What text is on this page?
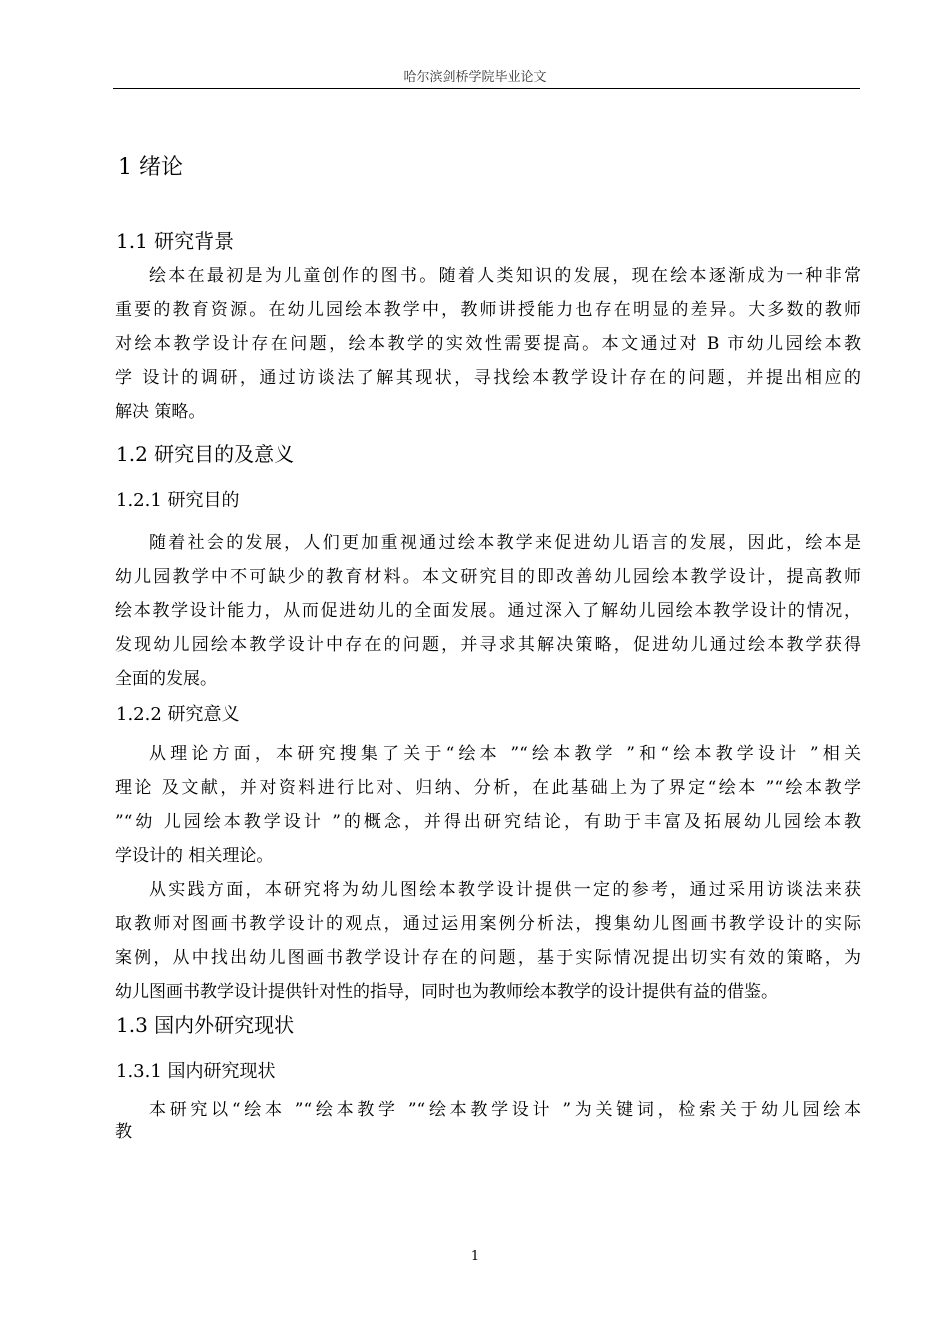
哈尔滨剑桥学院毕业论文
1 绪论
1.1 研究背景
绘本在最初是为儿童创作的图书。随着人类知识的发展，现在绘本逐渐成为一种非常
重要的教育资源。在幼儿园绘本教学中，教师讲授能力也存在明显的差异。大多数的教师
对绘本教学设计存在问题，绘本教学的实效性需要提高。本文通过对 B 市幼儿园绘本教
学 设计的调研，通过访谈法了解其现状，寻找绘本教学设计存在的问题，并提出相应的
解决 策略。
1.2 研究目的及意义
1.2.1 研究目的
随着社会的发展，人们更加重视通过绘本教学来促进幼儿语言的发展，因此，绘本是
幼儿园教学中不可缺少的教育材料。本文研究目的即改善幼儿园绘本教学设计，提高教师
绘本教学设计能力，从而促进幼儿的全面发展。通过深入了解幼儿园绘本教学设计的情况，
发现幼儿园绘本教学设计中存在的问题，并寻求其解决策略，促进幼儿通过绘本教学获得
全面的发展。
1.2.2 研究意义
从理论方面，本研究搜集了关于“绘本 ”“绘本教学 ”和“绘本教学设计 ”相关
理论 及文献，并对资料进行比对、归纳、分析，在此基础上为了界定“绘本 ”“绘本教学
”“幼 儿园绘本教学设计 ”的概念，并得出研究结论，有助于丰富及拓展幼儿园绘本教
学设计的 相关理论。
从实践方面，本研究将为幼儿图绘本教学设计提供一定的参考，通过采用访谈法来获
取教师对图画书教学设计的观点，通过运用案例分析法，搜集幼儿图画书教学设计的实际
案例，从中找出幼儿图画书教学设计存在的问题，基于实际情况提出切实有效的策略，为
幼儿图画书教学设计提供针对性的指导，同时也为教师绘本教学的设计提供有益的借鉴。
1.3 国内外研究现状
1.3.1 国内研究现状
本研究以“绘本 ”“绘本教学 ”“绘本教学设计 ”为关键词，检索关于幼儿园绘本
教
1
